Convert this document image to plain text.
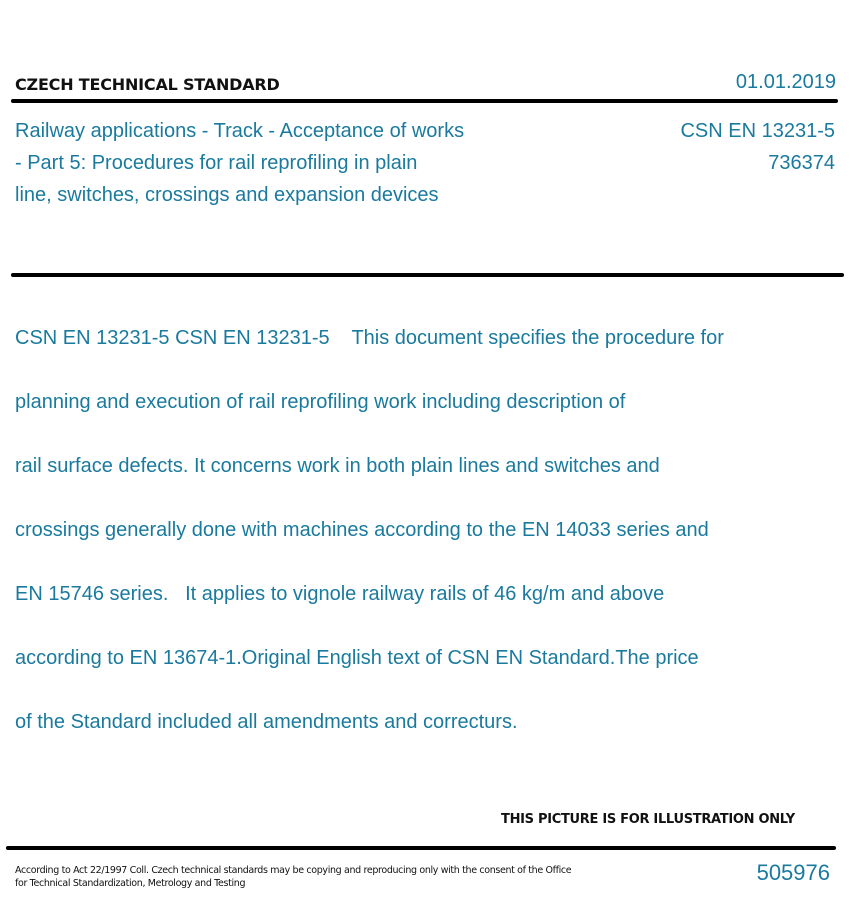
CZECH TECHNICAL STANDARD	01.01.2019
Railway applications - Track - Acceptance of works
- Part 5: Procedures for rail reprofiling in plain
line, switches, crossings and expansion devices
CSN EN 13231-5
736374

CSN EN 13231-5 CSN EN 13231-5    This document specifies the procedure for

planning and execution of rail reprofiling work including description of

rail surface defects. It concerns work in both plain lines and switches and

crossings generally done with machines according to the EN 14033 series and

EN 15746 series.   It applies to vignole railway rails of 46 kg/m and above

according to EN 13674-1.Original English text of CSN EN Standard.The price

of the Standard included all amendments and correcturs.

THIS PICTURE IS FOR ILLUSTRATION ONLY
According to Act 22/1997 Coll. Czech technical standards may be copying and reproducing only with the consent of the Office
for Technical Standardization, Metrology and Testing	505976
